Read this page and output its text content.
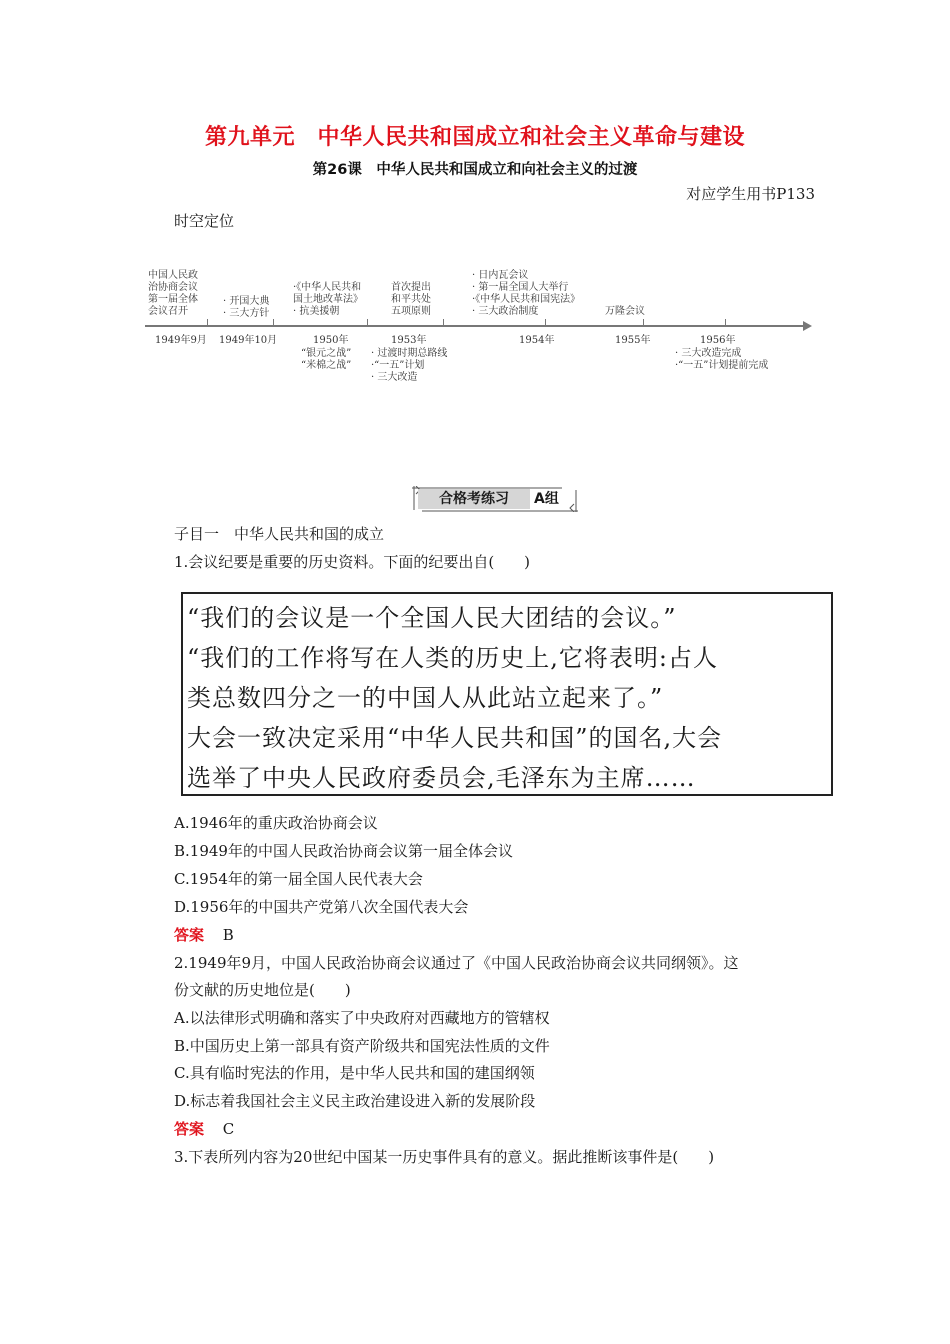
第九单元　中华人民共和国成立和社会主义革命与建设
第26课　中华人民共和国成立和向社会主义的过渡
对应学生用书P133
时空定位
中国人民政
治协商会议
第一届全体
会议召开
· 开国大典
· 三大方针
·《中华人民共和
国土地改革法》
· 抗美援朝
首次提出
和平共处
五项原则
· 日内瓦会议
· 第一届全国人大举行
·《中华人民共和国宪法》
· 三大政治制度	万隆会议
1949年9月 1949年10月	1950年	1953年	1954年	1955年	1956年
“银元之战”
“米棉之战”
· 过渡时期总路线
·“一五”计划
· 三大改造
· 三大改造完成
·“一五”计划提前完成
合格考练习	A组
子目一　中华人民共和国的成立
1.会议纪要是重要的历史资料。下面的纪要出自(　　)
“我们的会议是一个全国人民大团结的会议。”
“我们的工作将写在人类的历史上,它将表明:占人
类总数四分之一的中国人从此站立起来了。”
大会一致决定采用“中华人民共和国”的国名,大会
选举了中央人民政府委员会,毛泽东为主席……
A.1946年的重庆政治协商会议
B.1949年的中国人民政治协商会议第一届全体会议
C.1954年的第一届全国人民代表大会
D.1956年的中国共产党第八次全国代表大会
答案 B
2.1949年9月，中国人民政治协商会议通过了《中国人民政治协商会议共同纲领》。这
份文献的历史地位是(　　)
A.以法律形式明确和落实了中央政府对西藏地方的管辖权
B.中国历史上第一部具有资产阶级共和国宪法性质的文件
C.具有临时宪法的作用，是中华人民共和国的建国纲领
D.标志着我国社会主义民主政治建设进入新的发展阶段
答案 C
3.下表所列内容为20世纪中国某一历史事件具有的意义。据此推断该事件是(　　)
